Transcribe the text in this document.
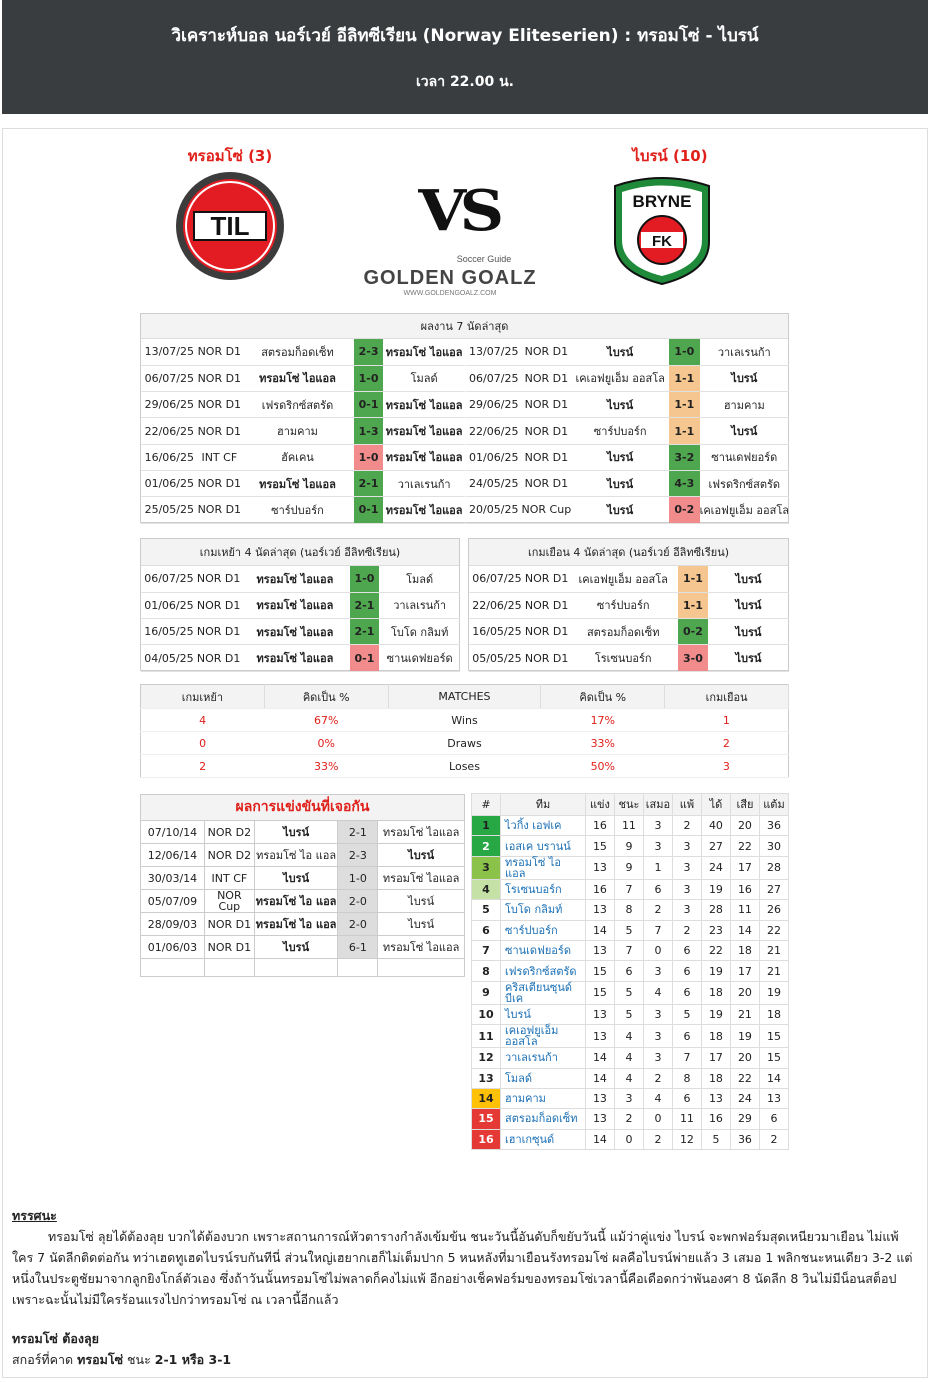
วิเคราะห์บอล นอร์เวย์ อีลิทซีเรียน (Norway Eliteserien) : ทรอมโซ่ - ไบรน์
เวลา 22.00 น.
ทรอมโซ่ (3)	ไบรน์ (10)
TIL	VS
Soccer Guide
GOLDEN GOALZ
WWW.GOLDENGOALZ.COM
BRYNE
FK
ผลงาน 7 นัดล่าสุด
13/07/25	NOR D1	สตรอมก็อดเซ็ท	2-3	ทรอมโซ่ ไอแอล
06/07/25	NOR D1	ทรอมโซ่ ไอแอล	1-0	โมลด์
29/06/25	NOR D1	เฟรดริกซ์สตรัด	0-1	ทรอมโซ่ ไอแอล
22/06/25	NOR D1	ฮามคาม	1-3	ทรอมโซ่ ไอแอล
16/06/25	INT CF	ฮัคเคน	1-0	ทรอมโซ่ ไอแอล
01/06/25	NOR D1	ทรอมโซ่ ไอแอล	2-1	วาเลเรนก้า
25/05/25	NOR D1	ซาร์ปบอร์ก	0-1	ทรอมโซ่ ไอแอล
13/07/25	NOR D1	ไบรน์	1-0	วาเลเรนก้า
06/07/25	NOR D1	เคเอฟยูเอ็ม ออสโล	1-1	ไบรน์
29/06/25	NOR D1	ไบรน์	1-1	ฮามคาม
22/06/25	NOR D1	ซาร์ปบอร์ก	1-1	ไบรน์
01/06/25	NOR D1	ไบรน์	3-2	ซานเดฟยอร์ด
24/05/25	NOR D1	ไบรน์	4-3	เฟรดริกซ์สตรัด
20/05/25	NOR Cup	ไบรน์	0-2	เคเอฟยูเอ็ม ออสโล
เกมเหย้า 4 นัดล่าสุด (นอร์เวย์ อีลิทซีเรียน)
06/07/25	NOR D1	ทรอมโซ่ ไอแอล	1-0	โมลด์
01/06/25	NOR D1	ทรอมโซ่ ไอแอล	2-1	วาเลเรนก้า
16/05/25	NOR D1	ทรอมโซ่ ไอแอล	2-1	โบโด กลิมท์
04/05/25	NOR D1	ทรอมโซ่ ไอแอล	0-1	ซานเดฟยอร์ด
เกมเยือน 4 นัดล่าสุด (นอร์เวย์ อีลิทซีเรียน)
06/07/25	NOR D1	เคเอฟยูเอ็ม ออสโล	1-1	ไบรน์
22/06/25	NOR D1	ซาร์ปบอร์ก	1-1	ไบรน์
16/05/25	NOR D1	สตรอมก็อดเซ็ท	0-2	ไบรน์
05/05/25	NOR D1	โรเซนบอร์ก	3-0	ไบรน์
เกมเหย้า	คิดเป็น %	MATCHES	คิดเป็น %	เกมเยือน
4	67%	Wins	17%	1
0	0%	Draws	33%	2
2	33%	Loses	50%	3
ผลการแข่งขันที่เจอกัน				
07/10/14	NOR D2	ไบรน์	2-1	ทรอมโซ่ ไอแอล
12/06/14	NOR D2	ทรอมโซ่ ไอ แอล	2-3	ไบรน์
30/03/14	INT CF	ไบรน์	1-0	ทรอมโซ่ ไอแอล
05/07/09	NOR Cup	ทรอมโซ่ ไอ แอล	2-0	ไบรน์
28/09/03	NOR D1	ทรอมโซ่ ไอ แอล	2-0	ไบรน์
01/06/03	NOR D1	ไบรน์	6-1	ทรอมโซ่ ไอแอล

#	ทีม	แข่ง	ชนะ	เสมอ	แพ้	ได้	เสีย	แต้ม
1	ไวกิ้ง เอฟเค	16	11	3	2	40	20	36
2	เอสเค บรานน์	15	9	3	3	27	22	30
3	ทรอมโซ่ ไอ แอล	13	9	1	3	24	17	28
4	โรเซนบอร์ก	16	7	6	3	19	16	27
5	โบโด กลิมท์	13	8	2	3	28	11	26
6	ซาร์ปบอร์ก	14	5	7	2	23	14	22
7	ซานเดฟยอร์ด	13	7	0	6	22	18	21
8	เฟรดริกซ์สตรัด	15	6	3	6	19	17	21
9	คริสเตียนซุนด์ บีเค	15	5	4	6	18	20	19
10	ไบรน์	13	5	3	5	19	21	18
11	เคเอฟยูเอ็ม ออสโล	13	4	3	6	18	19	15
12	วาเลเรนก้า	14	4	3	7	17	20	15
13	โมลด์	14	4	2	8	18	22	14
14	ฮามคาม	13	3	4	6	13	24	13
15	สตรอมก็อดเซ็ท	13	2	0	11	16	29	6
16	เฮาเกซุนด์	14	0	2	12	5	36	2
ทรรศนะ
ทรอมโซ่ ลุยได้ต้องลุย บวกได้ต้องบวก เพราะสถานการณ์หัวตารางกำลังเข้มข้น ชนะวันนี้อันดับก็ขยับวันนี้ แม้ว่าคู่แข่ง ไบรน์ จะพกฟอร์มสุดเหนียวมาเยือน ไม่แพ้ใคร 7 นัดลีกติดต่อกัน ทว่าเฮดทูเฮดไบรน์รบกันทีนี่ ส่วนใหญ่เฮยากเฮก็ไม่เต็มปาก 5 หนหลังที่มาเยือนรังทรอมโซ่ ผลคือไบรน์พ่ายแล้ว 3 เสมอ 1 พลิกชนะหนเดียว 3-2 แต่หนึ่งในประตูชัยมาจากลูกยิงโกล์ตัวเอง ซึ่งถ้าวันนั้นทรอมโซ่ไม่พลาดก็คงไม่แพ้ อีกอย่างเช็คฟอร์มของทรอมโซ่เวลานี้คือเดือดกว่าพันองศา 8 นัดลีก 8 วินไม่มีน็อนสต็อป เพราะฉะนั้นไม่มีใครร้อนแรงไปกว่าทรอมโซ่ ณ เวลานี้อีกแล้ว
ทรอมโซ่ ต้องลุย
สกอร์ที่คาด ทรอมโซ่ ชนะ 2-1 หรือ 3-1
